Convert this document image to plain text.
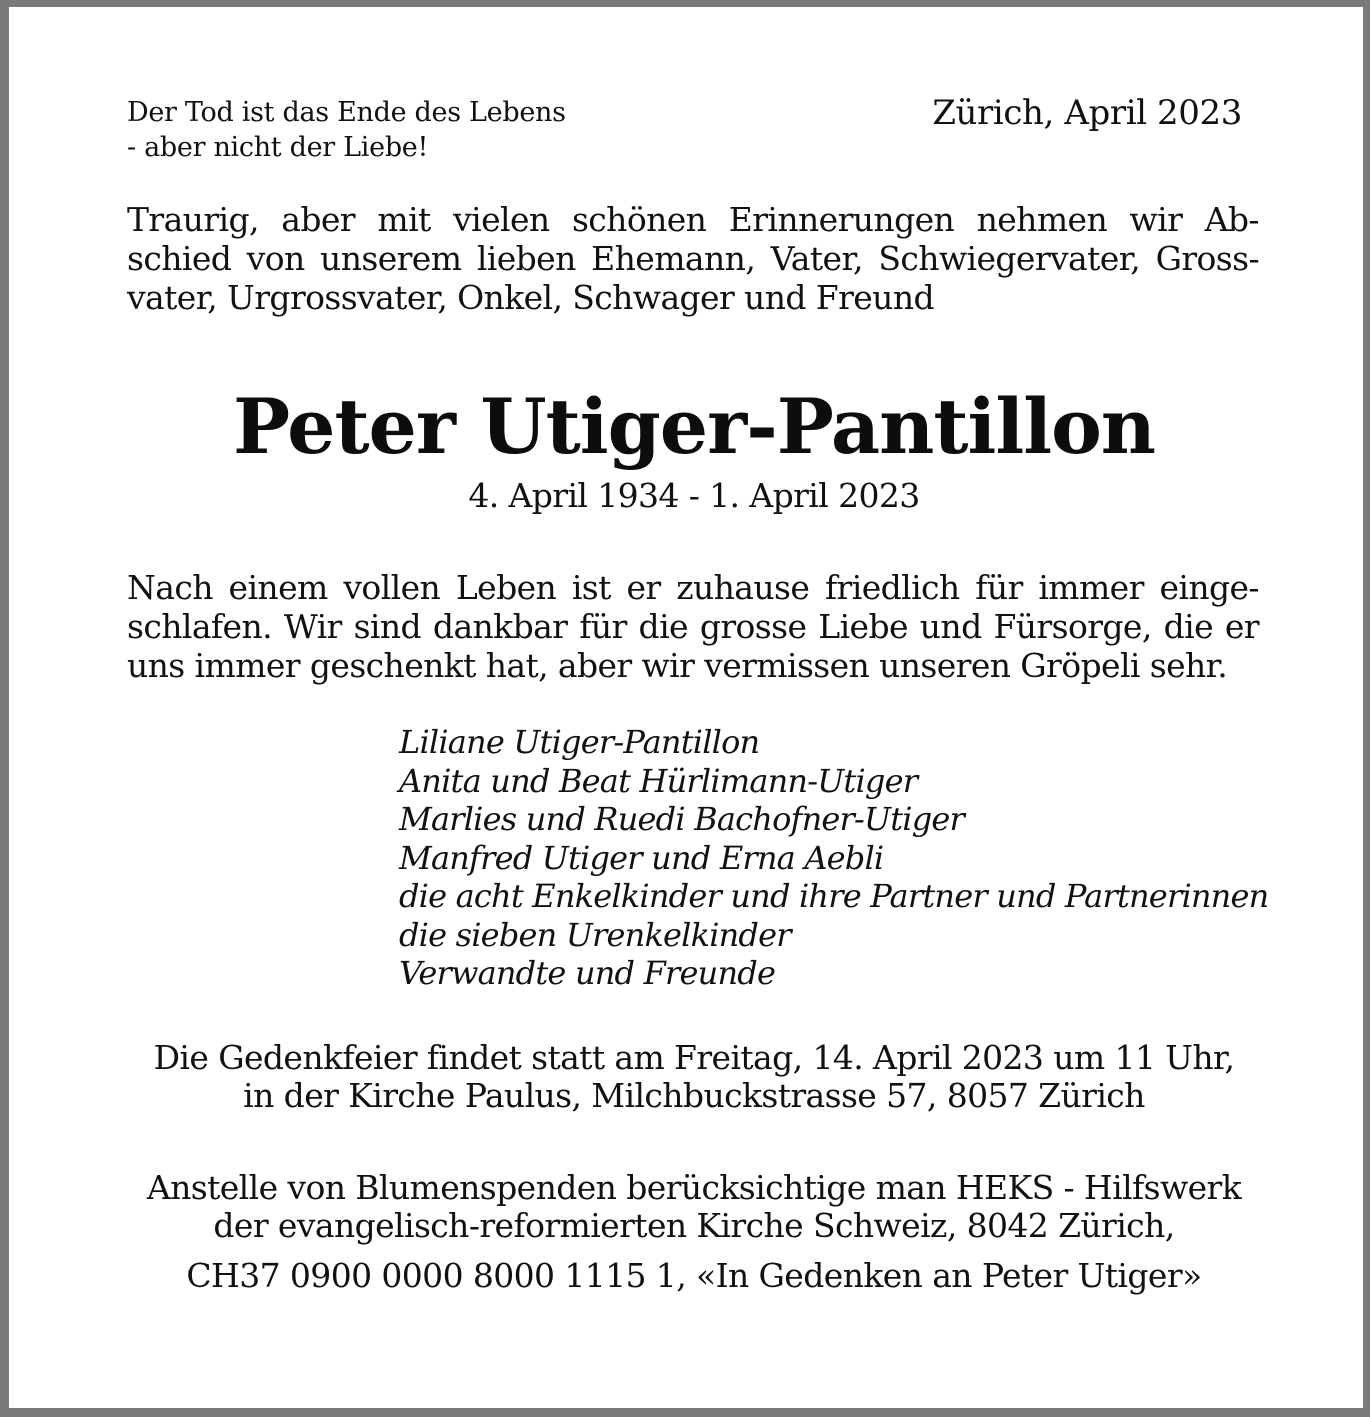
Der Tod ist das Ende des Lebens
- aber nicht der Liebe!
Zürich, April 2023
Traurig, aber mit vielen schönen Erinnerungen nehmen wir Ab-
schied von unserem lieben Ehemann, Vater, Schwiegervater, Gross-
vater, Urgrossvater, Onkel, Schwager und Freund
Peter Utiger-Pantillon
4. April 1934 - 1. April 2023
Nach einem vollen Leben ist er zuhause friedlich für immer einge-
schlafen. Wir sind dankbar für die grosse Liebe und Fürsorge, die er
uns immer geschenkt hat, aber wir vermissen unseren Gröpeli sehr.
Liliane Utiger-Pantillon
Anita und Beat Hürlimann-Utiger
Marlies und Ruedi Bachofner-Utiger
Manfred Utiger und Erna Aebli
die acht Enkelkinder und ihre Partner und Partnerinnen
die sieben Urenkelkinder
Verwandte und Freunde
Die Gedenkfeier findet statt am Freitag, 14. April 2023 um 11 Uhr,
in der Kirche Paulus, Milchbuckstrasse 57, 8057 Zürich
Anstelle von Blumenspenden berücksichtige man HEKS - Hilfswerk
der evangelisch-reformierten Kirche Schweiz, 8042 Zürich,
CH37 0900 0000 8000 1115 1, «In Gedenken an Peter Utiger»
